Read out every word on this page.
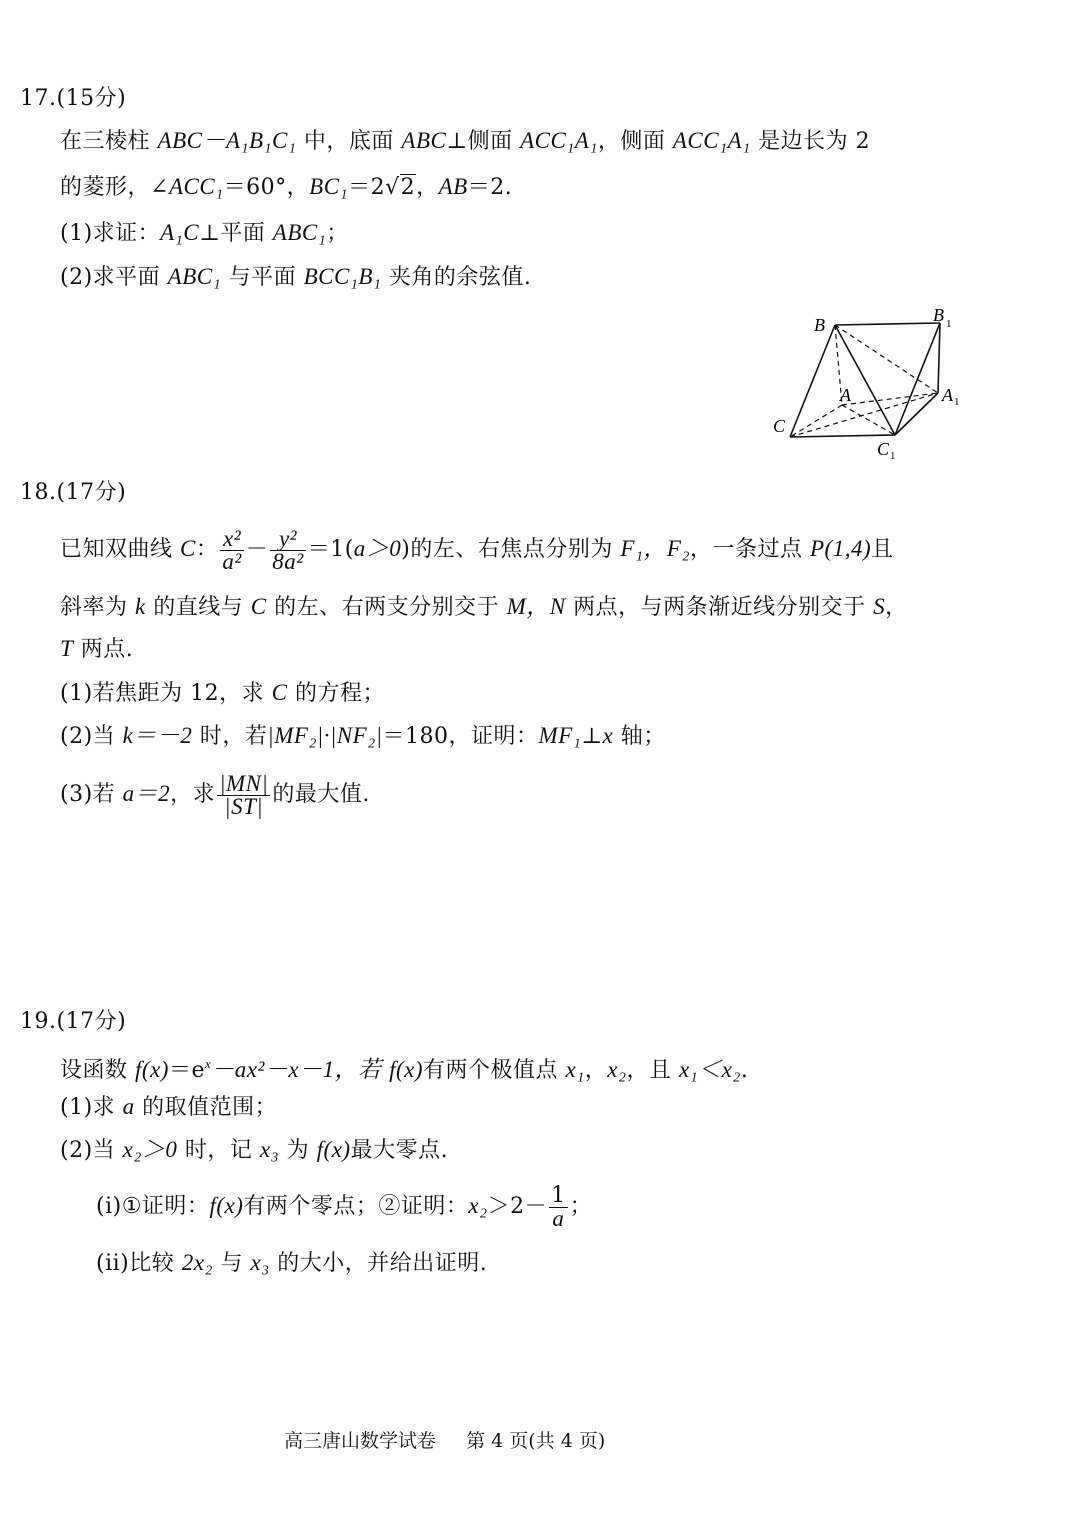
17.(15分)
在三棱柱 ABC－A₁B₁C₁ 中，底面 ABC⊥侧面 ACC₁A₁，侧面 ACC₁A₁ 是边长为 2
的菱形，∠ACC₁＝60°，BC₁＝2√2，AB＝2.
(1)求证：A₁C⊥平面 ABC₁；
(2)求平面 ABC₁ 与平面 BCC₁B₁ 夹角的余弦值.
B	B 1
A	A 1
C
C 1
18.(17分)
已知双曲线 C： $\frac{\text{x²}}{\text{a²}} - \frac{\text{y²}}{\text{8a²}} =1(a>0)$的左、右焦点分别为 F₁，F₂，一条过点 P(1,4)且
斜率为 k 的直线与 C 的左、右两支分别交于 M，N 两点，与两条渐近线分别交于 S，
T 两点.
(1)若焦距为 12，求 C 的方程；
(2)当 k＝－2 时，若|MF₂|·|NF₂|＝180，证明：MF₁⊥x 轴；
(3)若 a＝2，求 $\frac{|MN|}{|ST|}$ 的最大值.
19.(17分)
设函数 $f(x)=e^x-ax^2-x-1$，若 f(x)有两个极值点 x₁，x₂，且 x₁＜x₂.
(1)求 a 的取值范围；
(2)当 x₂＞0 时，记 x₃ 为 f(x)最大零点.
(i)①证明：f(x)有两个零点；②证明：$x_2>2- \frac{1}{a}$ ；
(ii)比较 2x₂ 与 x₃ 的大小，并给出证明.
高三唐山数学试卷 第 4 页(共 4 页)
